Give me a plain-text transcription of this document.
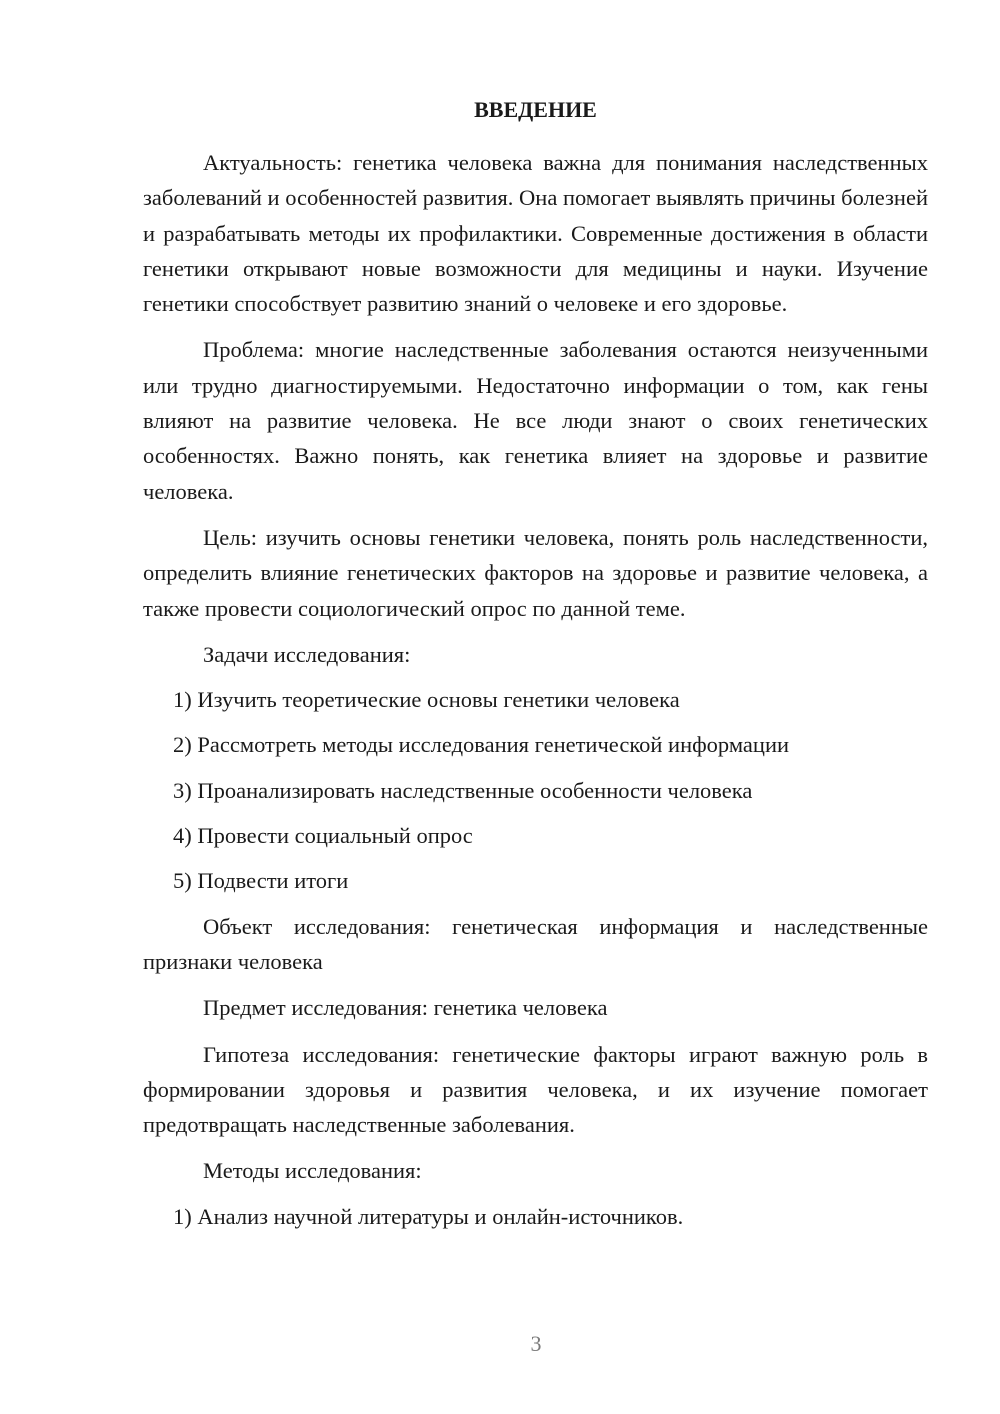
ВВЕДЕНИЕ
Актуальность: генетика человека важна для понимания наследственных заболеваний и особенностей развития. Она помогает выявлять причины болезней и разрабатывать методы их профилактики. Современные достижения в области генетики открывают новые возможности для медицины и науки. Изучение генетики способствует развитию знаний о человеке и его здоровье.
Проблема: многие наследственные заболевания остаются неизученными или трудно диагностируемыми. Недостаточно информации о том, как гены влияют на развитие человека. Не все люди знают о своих генетических особенностях. Важно понять, как генетика влияет на здоровье и развитие человека.
Цель: изучить основы генетики человека, понять роль наследственности, определить влияние генетических факторов на здоровье и развитие человека, а также провести социологический опрос по данной теме.
Задачи исследования:
1) Изучить теоретические основы генетики человека
2) Рассмотреть методы исследования генетической информации
3) Проанализировать наследственные особенности человека
4) Провести социальный опрос
5) Подвести итоги
Объект исследования: генетическая информация и наследственные признаки человека
Предмет исследования: генетика человека
Гипотеза исследования: генетические факторы играют важную роль в формировании здоровья и развития человека, и их изучение помогает предотвращать наследственные заболевания.
Методы исследования:
1) Анализ научной литературы и онлайн-источников.
3
